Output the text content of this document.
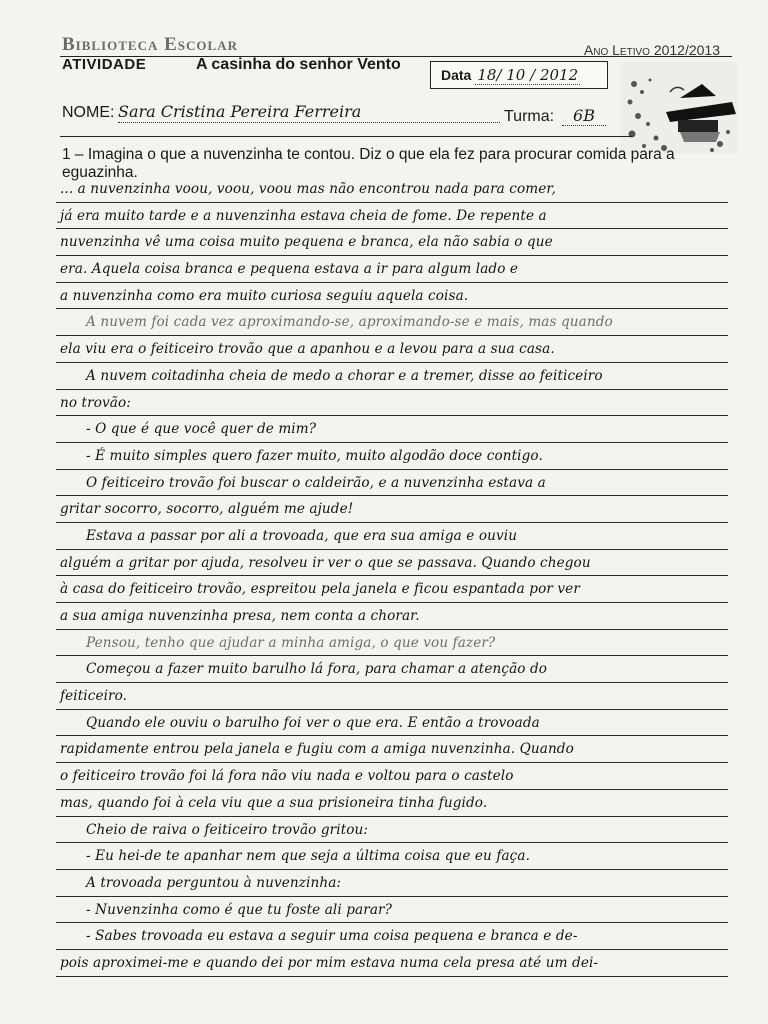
Biblioteca Escolar	Ano Letivo 2012/2013
ATIVIDADE	A casinha do senhor Vento
Data 18/ 10 / 2012
NOME: Sara Cristina Pereira Ferreira	Turma:	6B
1 – Imagina o que a nuvenzinha te contou. Diz o que ela fez para procurar comida para a eguazinha.
... a nuvenzinha voou, voou, voou mas não encontrou nada para comer,
já era muito tarde e a nuvenzinha estava cheia de fome. De repente a
nuvenzinha vê uma coisa muito pequena e branca, ela não sabia o que
era. Aquela coisa branca e pequena estava a ir para algum lado e
a nuvenzinha como era muito curiosa seguiu aquela coisa.
A nuvem foi cada vez aproximando-se, aproximando-se e mais, mas quando
ela viu era o feiticeiro trovão que a apanhou e a levou para a sua casa.
A nuvem coitadinha cheia de medo a chorar e a tremer, disse ao feiticeiro
no trovão:
- O que é que você quer de mim?
- É muito simples quero fazer muito, muito algodão doce contigo.
O feiticeiro trovão foi buscar o caldeirão, e a nuvenzinha estava a
gritar socorro, socorro, alguém me ajude!
Estava a passar por ali a trovoada, que era sua amiga e ouviu
alguém a gritar por ajuda, resolveu ir ver o que se passava. Quando chegou
à casa do feiticeiro trovão, espreitou pela janela e ficou espantada por ver
a sua amiga nuvenzinha presa, nem conta a chorar.
Pensou, tenho que ajudar a minha amiga, o que vou fazer?
Começou a fazer muito barulho lá fora, para chamar a atenção do
feiticeiro.
Quando ele ouviu o barulho foi ver o que era. E então a trovoada
rapidamente entrou pela janela e fugiu com a amiga nuvenzinha. Quando
o feiticeiro trovão foi lá fora não viu nada e voltou para o castelo
mas, quando foi à cela viu que a sua prisioneira tinha fugido.
Cheio de raiva o feiticeiro trovão gritou:
- Eu hei-de te apanhar nem que seja a última coisa que eu faça.
A trovoada perguntou à nuvenzinha:
- Nuvenzinha como é que tu foste ali parar?
- Sabes trovoada eu estava a seguir uma coisa pequena e branca e de-
pois aproximei-me e quando dei por mim estava numa cela presa até um dei-
